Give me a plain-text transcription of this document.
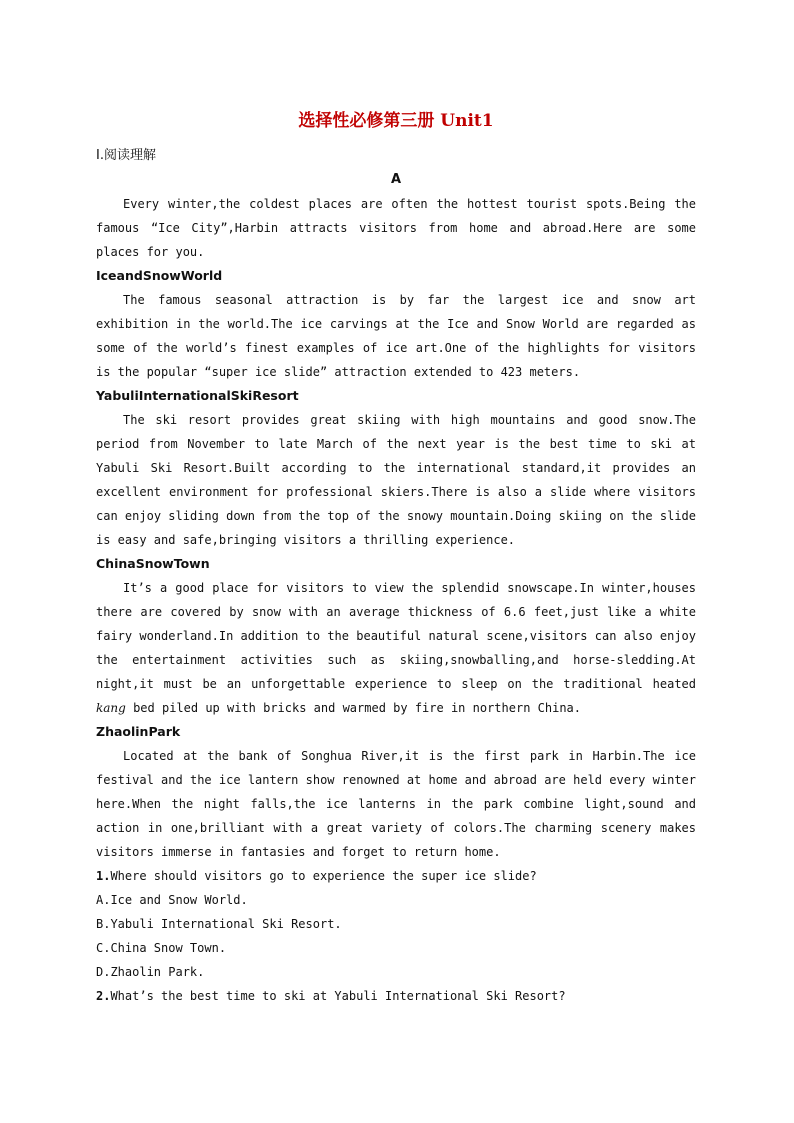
选择性必修第三册 Unit1
Ⅰ.阅读理解
A

Every winter,the coldest places are often the hottest tourist spots.Being the famous “Ice City”,Harbin attracts visitors from home and abroad.Here are some places for you.

IceandSnowWorld

The famous seasonal attraction is by far the largest ice and snow art exhibition in the world.The ice carvings at the Ice and Snow World are regarded as some of the world’s finest examples of ice art.One of the highlights for visitors is the popular “super ice slide” attraction extended to 423 meters.

YabuliInternationalSkiResort

The ski resort provides great skiing with high mountains and good snow.The period from November to late March of the next year is the best time to ski at Yabuli Ski Resort.Built according to the international standard,it provides an excellent environment for professional skiers.There is also a slide where visitors can enjoy sliding down from the top of the snowy mountain.Doing skiing on the slide is easy and safe,bringing visitors a thrilling experience.

ChinaSnowTown

It’s a good place for visitors to view the splendid snowscape.In winter,houses there are covered by snow with an average thickness of 6.6 feet,just like a white fairy wonderland.In addition to the beautiful natural scene,visitors can also enjoy the entertainment activities such as skiing,snowballing,and horse-sledding.At night,it must be an unforgettable experience to sleep on the traditional heated kang bed piled up with bricks and warmed by fire in northern China.

ZhaolinPark

Located at the bank of Songhua River,it is the first park in Harbin.The ice festival and the ice lantern show renowned at home and abroad are held every winter here.When the night falls,the ice lanterns in the park combine light,sound and action in one,brilliant with a great variety of colors.The charming scenery makes visitors immerse in fantasies and forget to return home.

1.Where should visitors go to experience the super ice slide?
A.Ice and Snow World.
B.Yabuli International Ski Resort.
C.China Snow Town.
D.Zhaolin Park.
2.What’s the best time to ski at Yabuli International Ski Resort?
